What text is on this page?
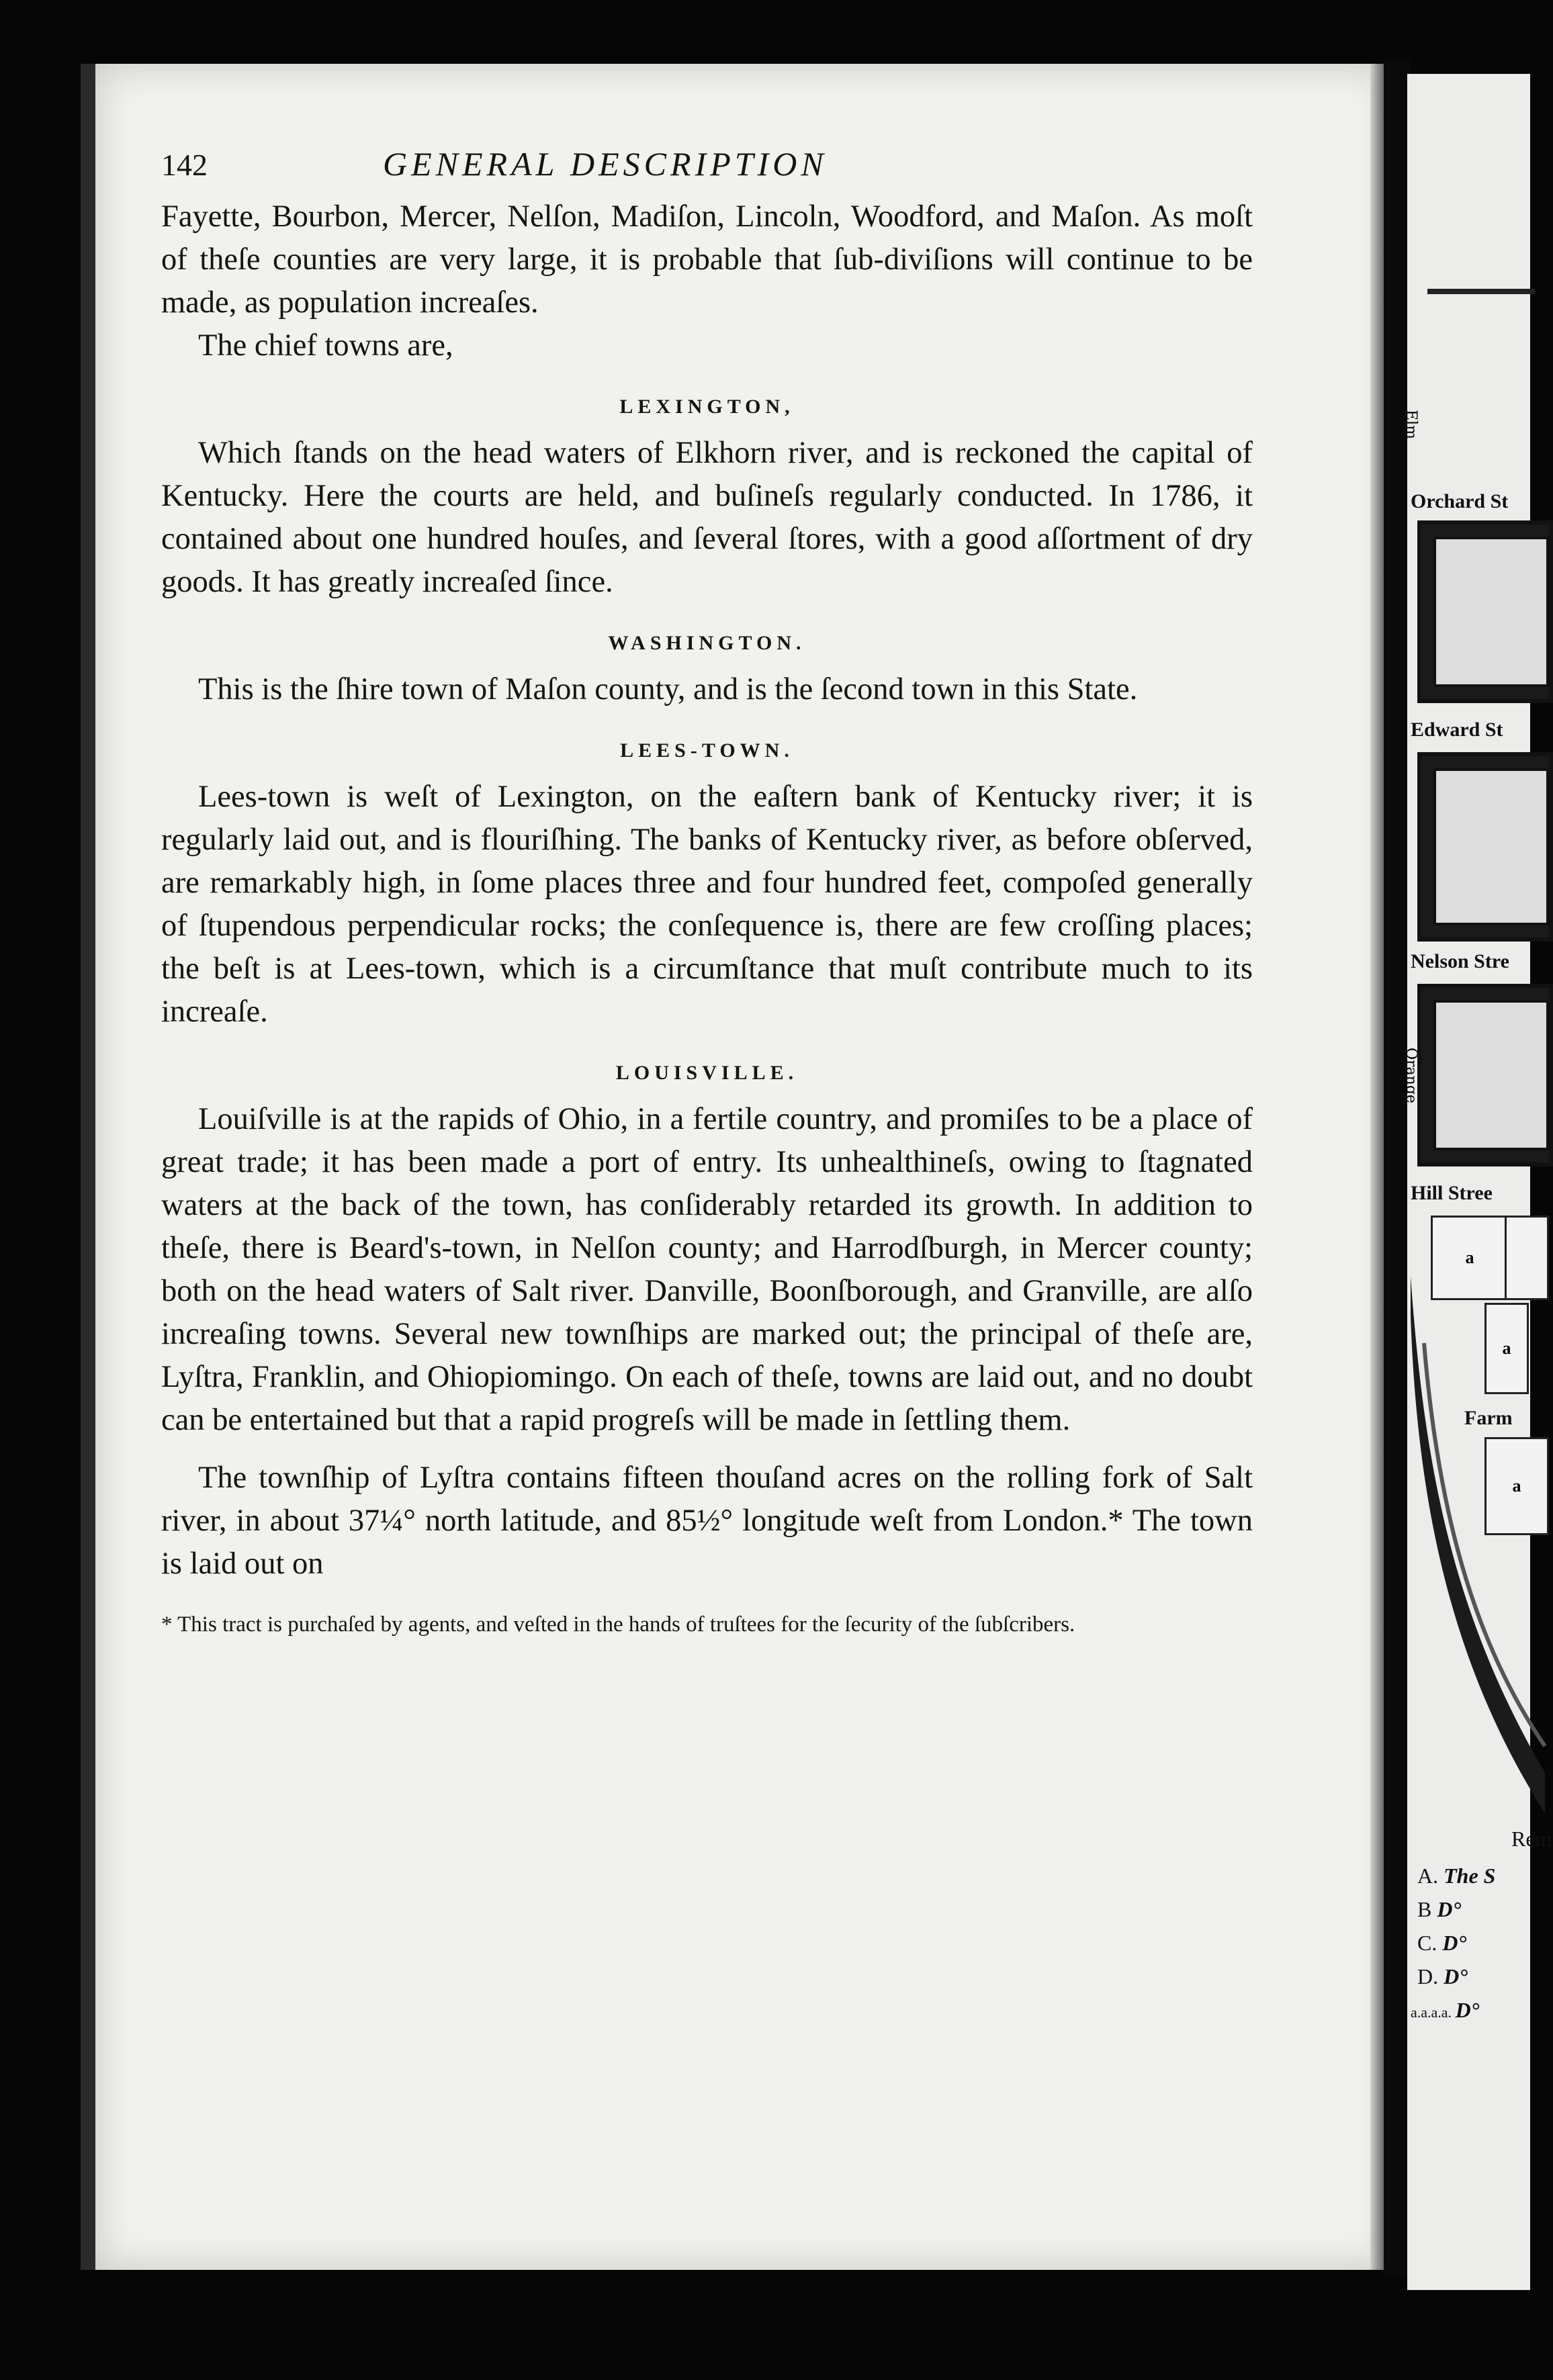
142	GENERAL DESCRIPTION

Fayette, Bourbon, Mercer, Nelſon, Madiſon, Lincoln, Woodford, and Maſon. As moſt of theſe counties are very large, it is probable that ſub-diviſions will continue to be made, as population increaſes.

The chief towns are,

LEXINGTON,

Which ſtands on the head waters of Elkhorn river, and is reckoned the capital of Kentucky. Here the courts are held, and buſineſs regularly conducted. In 1786, it contained about one hundred houſes, and ſeveral ſtores, with a good aſſortment of dry goods. It has greatly increaſed ſince.

WASHINGTON.

This is the ſhire town of Maſon county, and is the ſecond town in this State.

LEES-TOWN.

Lees-town is weſt of Lexington, on the eaſtern bank of Kentucky river; it is regularly laid out, and is flouriſhing. The banks of Kentucky river, as before obſerved, are remarkably high, in ſome places three and four hundred feet, compoſed generally of ſtupendous perpendicular rocks; the conſequence is, there are few croſſing places; the beſt is at Lees-town, which is a circumſtance that muſt contribute much to its increaſe.

LOUISVILLE.

Louiſville is at the rapids of Ohio, in a fertile country, and promiſes to be a place of great trade; it has been made a port of entry. Its unhealthineſs, owing to ſtagnated waters at the back of the town, has conſiderably retarded its growth. In addition to theſe, there is Beard's-town, in Nelſon county; and Harrodſburgh, in Mercer county; both on the head waters of Salt river. Danville, Boonſborough, and Granville, are alſo increaſing towns. Several new townſhips are marked out; the principal of theſe are, Lyſtra, Franklin, and Ohiopiomingo. On each of theſe, towns are laid out, and no doubt can be entertained but that a rapid progreſs will be made in ſettling them.

The townſhip of Lyſtra contains fifteen thouſand acres on the rolling fork of Salt river, in about 37¼° north latitude, and 85½° longitude weſt from London.* The town is laid out on

* This tract is purchaſed by agents, and veſted in the hands of truſtees for the ſecurity of the ſubſcribers.
Orchard St
Edward St
Nelson Stre
Hill Stree
a
a
Farm
a
Rem
A. The S
B D°
C. D°
D. D°
a.a.a.a. D°
Elm
Orange
